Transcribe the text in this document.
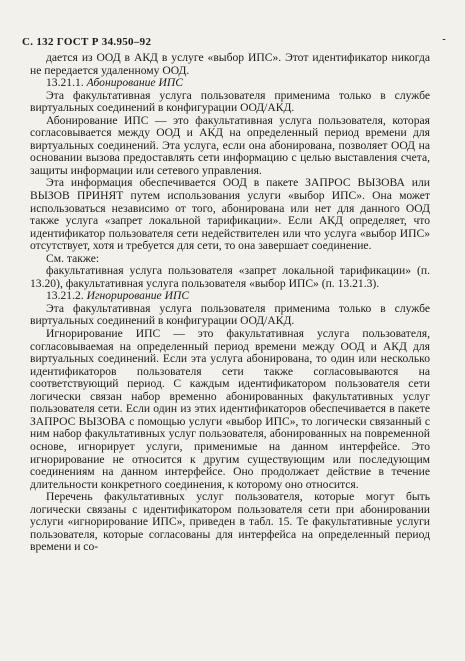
С. 132 ГОСТ Р 34.950–92	-

дается из ООД в АКД в услуге «выбор ИПС». Этот идентификатор никогда не передается удаленному ООД.

13.21.1. Абонирование ИПС

Эта факультативная услуга пользователя применима только в службе виртуальных соединений в конфигурации ООД/АКД.

Абонирование ИПС — это факультативная услуга пользователя, которая согласовывается между ООД и АКД на определенный период времени для виртуальных соединений. Эта услуга, если она абонирована, позволяет ООД на основании вызова предоставлять сети информацию с целью выставления счета, защиты информации или сетевого управления.

Эта информация обеспечивается ООД в пакете ЗАПРОС ВЫЗОВА или ВЫЗОВ ПРИНЯТ путем использования услуги «выбор ИПС». Она может использоваться независимо от того, абонирована или нет для данного ООД также услуга «запрет локальной тарификации». Если АКД определяет, что идентификатор пользователя сети недействителен или что услуга «выбор ИПС» отсутствует, хотя и требуется для сети, то она завершает соединение.

См. также:

факультативная услуга пользователя «запрет локальной тарификации» (п. 13.20), факультативная услуга пользователя «выбор ИПС» (п. 13.21.3).

13.21.2. Игнорирование ИПС

Эта факультативная услуга пользователя применима только в службе виртуальных соединений в конфигурации ООД/АКД.

Игнорирование ИПС — это факультативная услуга пользователя, согласовываемая на определенный период времени между ООД и АКД для виртуальных соединений. Если эта услуга абонирована, то один или несколько идентификаторов пользователя сети также согласовываются на соответствующий период. С каждым идентификатором пользователя сети логически связан набор временно абонированных факультативных услуг пользователя сети. Если один из этих идентификаторов обеспечивается в пакете ЗАПРОС ВЫЗОВА с помощью услуги «выбор ИПС», то логически связанный с ним набор факультативных услуг пользователя, абонированных на повременной основе, игнорирует услуги, применимые на данном интерфейсе. Это игнорирование не относится к другим существующим или последующим соединениям на данном интерфейсе. Оно продолжает действие в течение длительности конкретного соединения, к которому оно относится.

Перечень факультативных услуг пользователя, которые могут быть логически связаны с идентификатором пользователя сети при абонировании услуги «игнорирование ИПС», приведен в табл. 15. Те факультативные услуги пользователя, которые согласованы для интерфейса на определенный период времени и со-
